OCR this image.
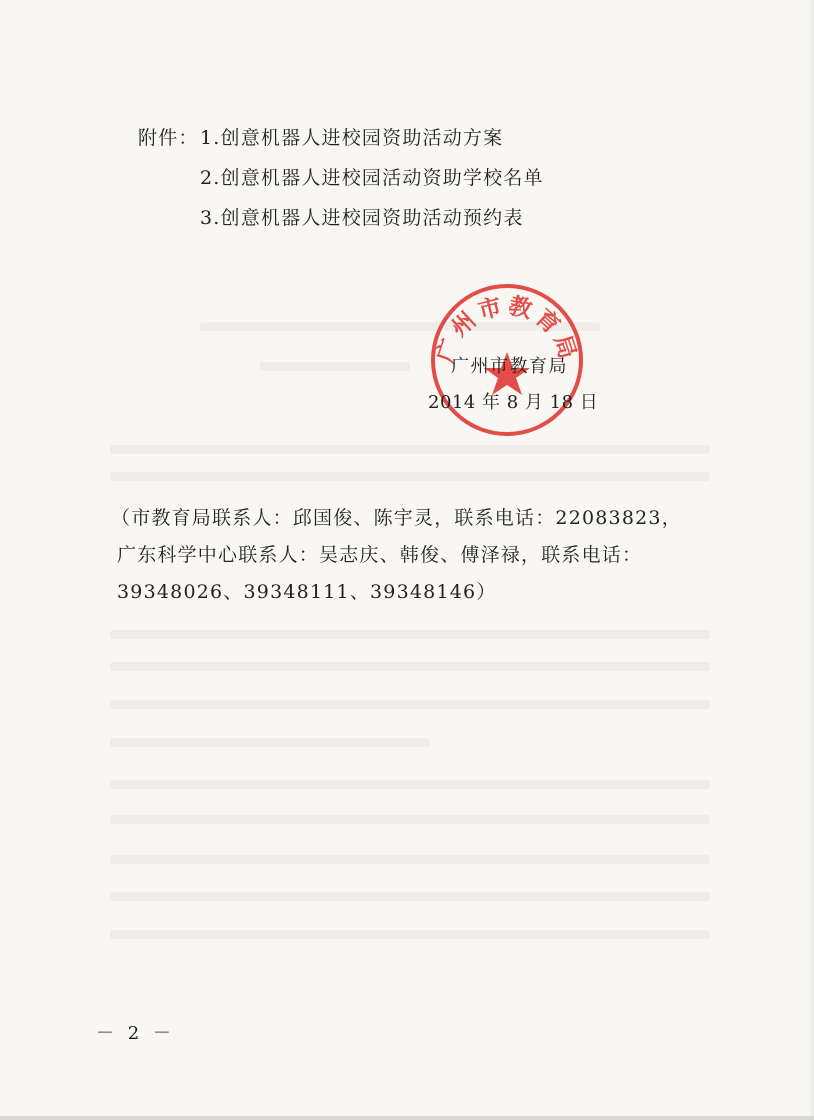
附件： 1.创意机器人进校园资助活动方案
2.创意机器人进校园活动资助学校名单
3.创意机器人进校园资助活动预约表
广州市教育局
广州市教育局
2014 年 8 月 18 日
（市教育局联系人：邱国俊、陈宇灵，联系电话：22083823，
广东科学中心联系人：吴志庆、韩俊、傅泽禄，联系电话：
39348026、39348111、39348146）
－ 2 －
